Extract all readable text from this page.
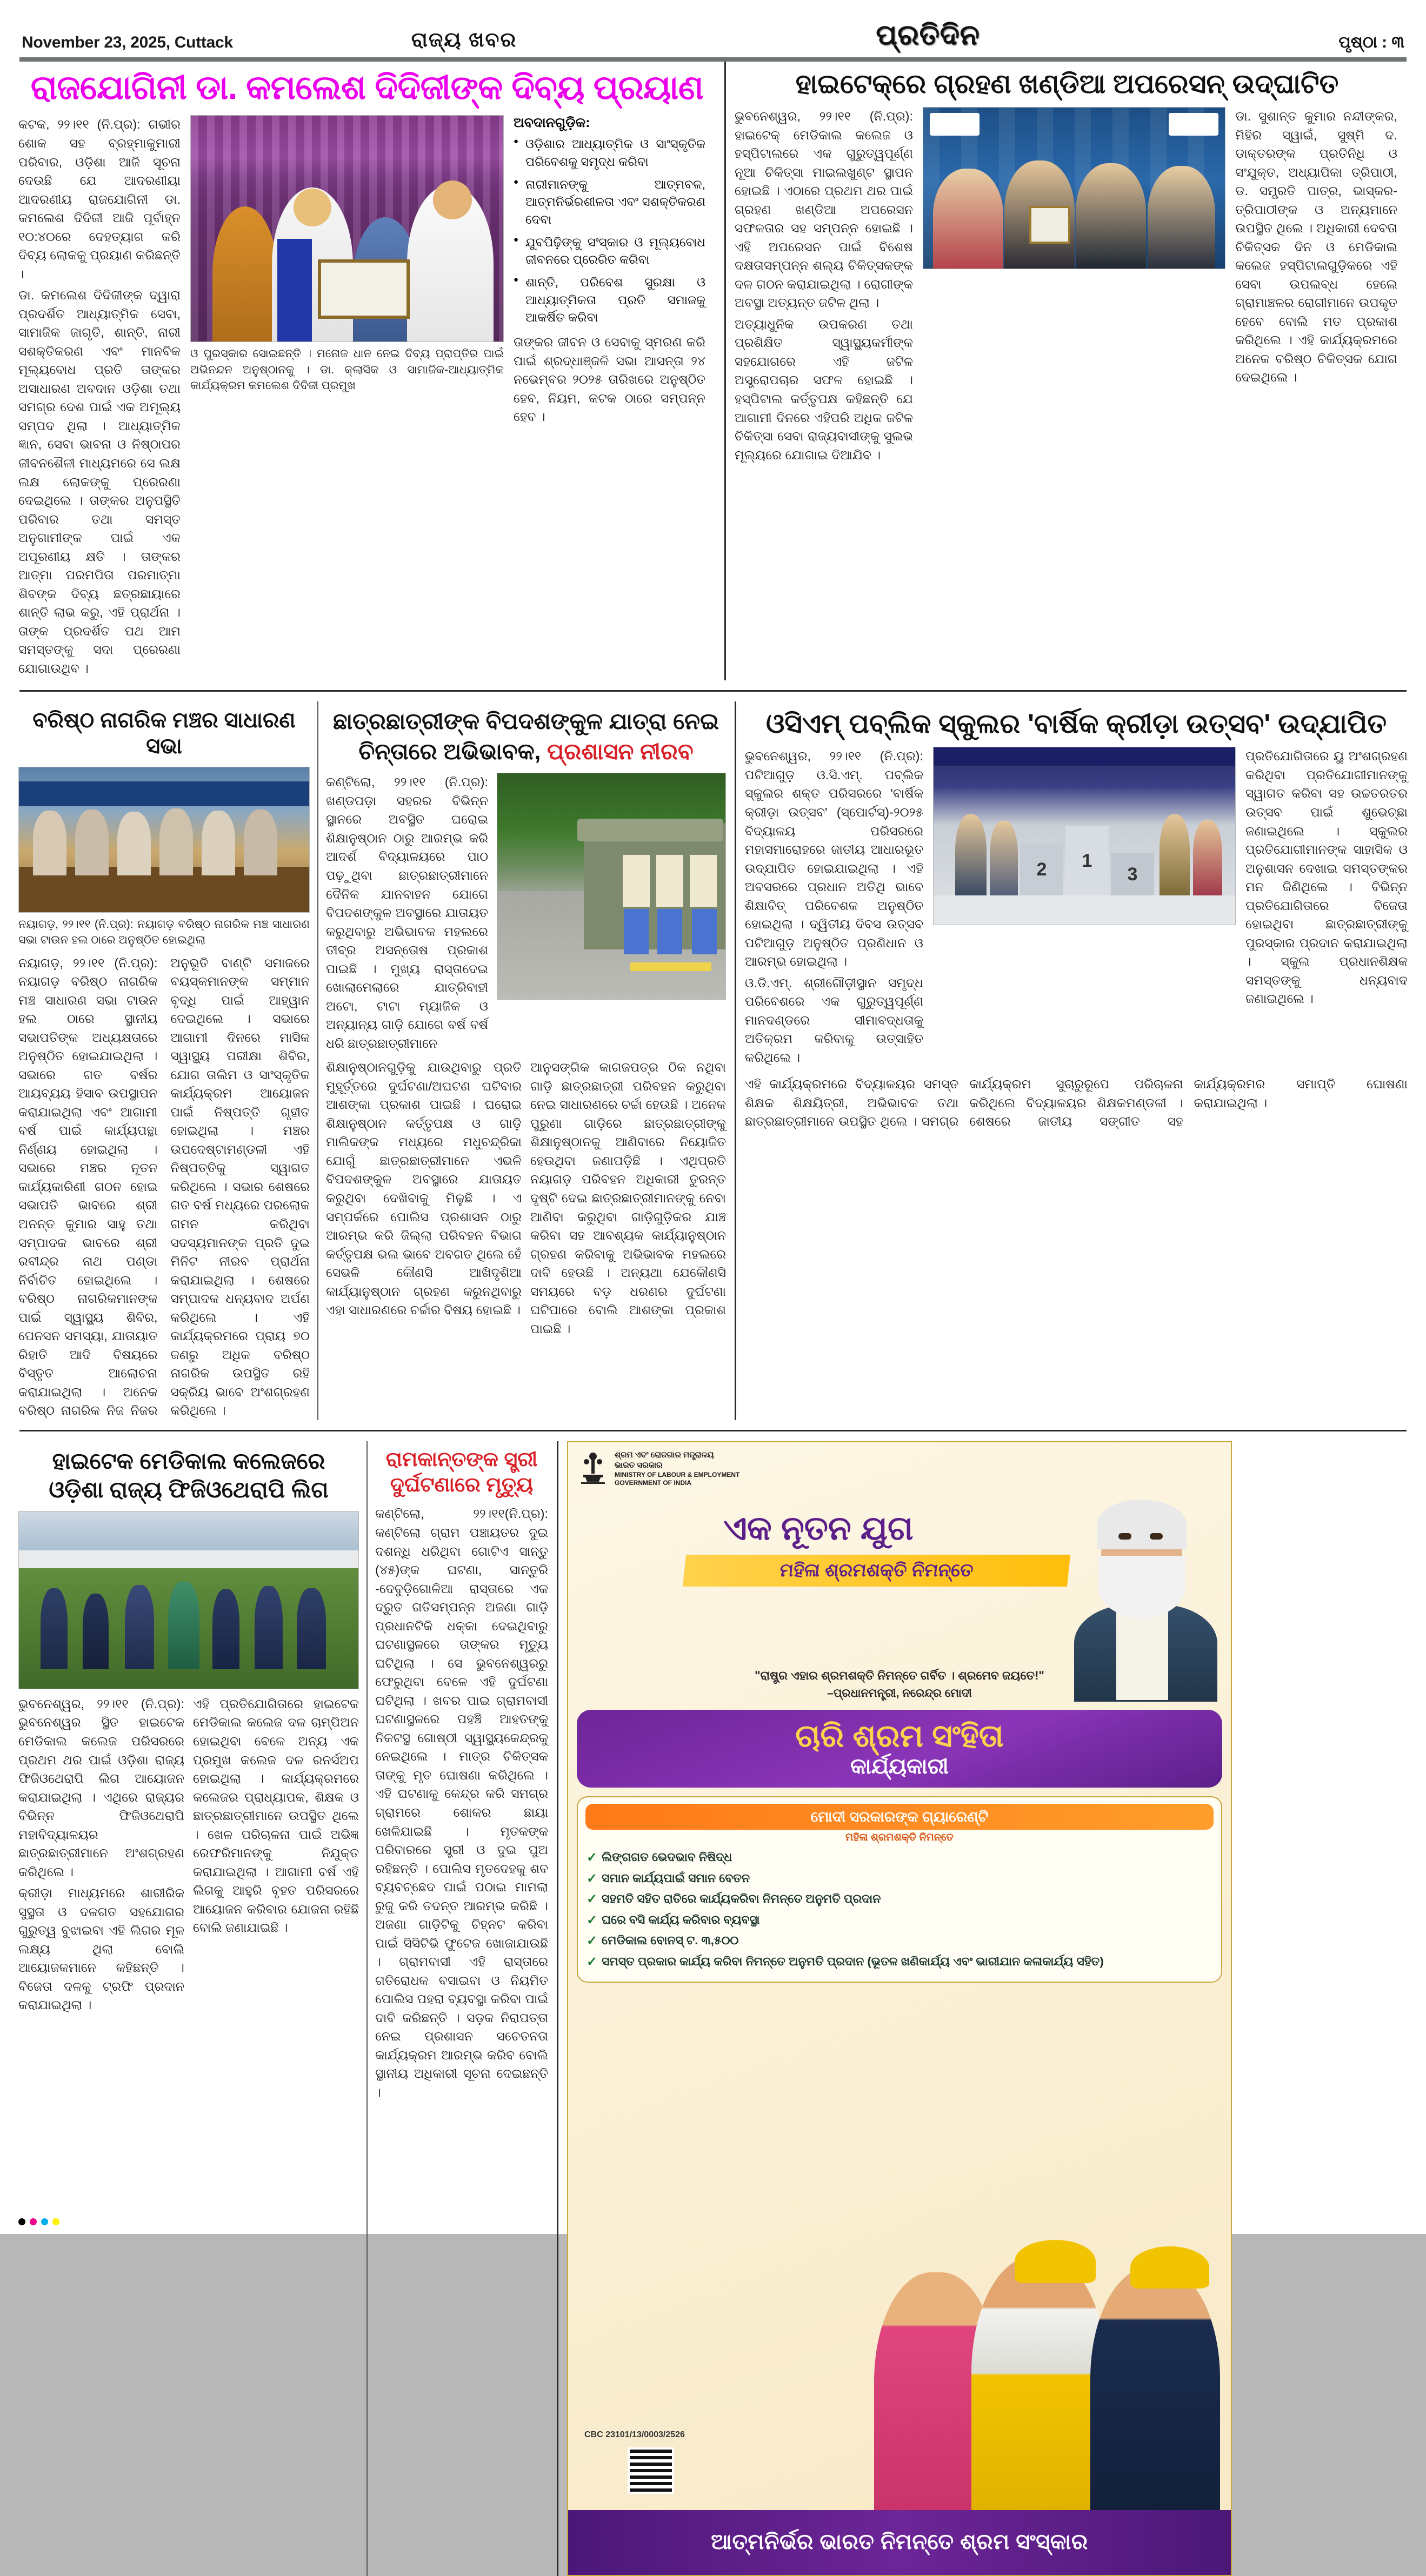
November 23, 2025, Cuttack	ରାଜ୍ୟ ଖବର	ପ୍ରତିଦିନ	ପୃଷ୍ଠା : ୩
ରାଜଯୋଗିନୀ ଡା. କମଲେଶ ଦିଦିଜୀଙ୍କ ଦିବ୍ୟ ପ୍ରୟାଣ

କଟକ, ୨୨।୧୧ (ନି.ପ୍ର): ଗଭୀର ଶୋକ ସହ ବ୍ରହ୍ମାକୁମାରୀ ପରିବାର, ଓଡ଼ିଶା ଆଜି ସୂଚନା ଦେଉଛି ଯେ ଆଦରଣୀୟା ଆଦରଣୀୟ ରାଜଯୋଗିନୀ ଡା. କମଲେଶ ଦିଦିଜୀ ଆଜି ପୂର୍ବାହ୍ନ ୧୦:୪୦ରେ ଦେହତ୍ୟାଗ କରି ଦିବ୍ୟ ଲୋକକୁ ପ୍ରୟାଣ କରିଛନ୍ତି ।

ଡା. କମଲେଶ ଦିଦିଜୀଙ୍କ ଦ୍ୱାରା ପ୍ରଦର୍ଶିତ ଆଧ୍ୟାତ୍ମିକ ସେବା, ସାମାଜିକ ଜାଗୃତି, ଶାନ୍ତି, ନାରୀ ସଶକ୍ତିକରଣ ଏବଂ ମାନବିକ ମୂଲ୍ୟବୋଧ ପ୍ରତି ତାଙ୍କର ଅସାଧାରଣ ଅବଦାନ ଓଡ଼ିଶା ତଥା ସମଗ୍ର ଦେଶ ପାଇଁ ଏକ ଅମୂଲ୍ୟ ସମ୍ପଦ ଥିଲା । ଆଧ୍ୟାତ୍ମିକ ଜ୍ଞାନ, ସେବା ଭାବନା ଓ ନିଷ୍ଠାପର ଜୀବନଶୈଳୀ ମାଧ୍ୟମରେ ସେ ଲକ୍ଷ ଲକ୍ଷ ଲୋକଙ୍କୁ ପ୍ରେରଣା ଦେଇଥିଲେ । ତାଙ୍କର ଅନୁପସ୍ଥିତି ପରିବାର ତଥା ସମସ୍ତ ଅନୁଗାମୀଙ୍କ ପାଇଁ ଏକ ଅପୂରଣୀୟ କ୍ଷତି । ତାଙ୍କର ଆତ୍ମା ପରମପିତା ପରମାତ୍ମା ଶିବଙ୍କ ଦିବ୍ୟ ଛତ୍ରଛାୟାରେ ଶାନ୍ତି ଲାଭ କରୁ, ଏହି ପ୍ରାର୍ଥନା । ତାଙ୍କ ପ୍ରଦର୍ଶିତ ପଥ ଆମ ସମସ୍ତଙ୍କୁ ସଦା ପ୍ରେରଣା ଯୋଗାଉଥିବ ।

ଓ ପୁରସ୍କାର ସୋଇଛନ୍ତି । ମନୋଜ ଧାନ ନେଇ ଦିବ୍ୟ ପ୍ରାପ୍ତିର ପାଇଁ ଅଭିନନ୍ଦନ ଅନୁଷ୍ଠାନକୁ । ଡା. କ୍ଲାସିକ ଓ ସାମାଜିକ-ଆଧ୍ୟାତ୍ମିକ କାର୍ଯ୍ୟକ୍ରମ କମଲେଶ ଦିଦିଜୀ ପ୍ରମୁଖ
ଅବଦାନଗୁଡ଼ିକ:
● ଓଡ଼ିଶାର ଆଧ୍ୟାତ୍ମିକ ଓ ସାଂସ୍କୃତିକ ପରିବେଶକୁ ସମୃଦ୍ଧ କରିବା
● ନାରୀମାନଙ୍କୁ ଆତ୍ମବଳ, ଆତ୍ମନିର୍ଭରଶୀଳତା ଏବଂ ସଶକ୍ତିକରଣ ଦେବା
● ଯୁବପିଢ଼ିଙ୍କୁ ସଂସ୍କାର ଓ ମୂଲ୍ୟବୋଧ ଜୀବନରେ ପ୍ରେରିତ କରିବା
● ଶାନ୍ତି, ପରିବେଶ ସୁରକ୍ଷା ଓ ଆଧ୍ୟାତ୍ମିକତା ପ୍ରତି ସମାଜକୁ ଆକର୍ଷିତ କରିବା
ତାଙ୍କର ଜୀବନ ଓ ସେବାକୁ ସ୍ମରଣ କରି ପାଇଁ ଶ୍ରଦ୍ଧାଞ୍ଜଳି ସଭା ଆସନ୍ତା ୨୪ ନଭେମ୍ବର ୨୦୨୫ ତାରିଖରେ ଅନୁଷ୍ଠିତ ହେବ, ନିୟମ, କଟକ ଠାରେ ସମ୍ପନ୍ନ ହେବ ।
ହାଇଟେକ୍‌ରେ ଗ୍ରହଣ ଖଣ୍ଡିଆ ଅପରେସନ୍ ଉଦ୍‌ଘାଟିତ

ଭୁବନେଶ୍ୱର, ୨୨।୧୧ (ନି.ପ୍ର): ହାଇଟେକ୍ ମେଡିକାଲ କଲେଜ ଓ ହସ୍ପିଟାଲରେ ଏକ ଗୁରୁତ୍ୱପୂର୍ଣ୍ଣ ନୂଆ ଚିକିତ୍ସା ମାଇଲଖୁଣ୍ଟ ସ୍ଥାପନ ହୋଇଛି । ଏଠାରେ ପ୍ରଥମ ଥର ପାଇଁ ଗ୍ରହଣ ଖଣ୍ଡିଆ ଅପରେସନ ସଫଳତାର ସହ ସମ୍ପନ୍ନ ହୋଇଛି । ଏହି ଅପରେସନ ପାଇଁ ବିଶେଷ ଦକ୍ଷତାସମ୍ପନ୍ନ ଶଲ୍ୟ ଚିକିତ୍ସକଙ୍କ ଦଳ ଗଠନ କରାଯାଇଥିଲା । ରୋଗୀଙ୍କ ଅବସ୍ଥା ଅତ୍ୟନ୍ତ ଜଟିଳ ଥିଲା ।

ଅତ୍ୟାଧୁନିକ ଉପକରଣ ତଥା ପ୍ରଶିକ୍ଷିତ ସ୍ୱାସ୍ଥ୍ୟକର୍ମୀଙ୍କ ସହଯୋଗରେ ଏହି ଜଟିଳ ଅସ୍ତ୍ରୋପଚାର ସଫଳ ହୋଇଛି । ହସ୍ପିଟାଲ କର୍ତ୍ତୃପକ୍ଷ କହିଛନ୍ତି ଯେ ଆଗାମୀ ଦିନରେ ଏହିପରି ଅଧିକ ଜଟିଳ ଚିକିତ୍ସା ସେବା ରାଜ୍ୟବାସୀଙ୍କୁ ସୁଲଭ ମୂଲ୍ୟରେ ଯୋଗାଇ ଦିଆଯିବ ।

ଡା. ସୁଶାନ୍ତ କୁମାର ନନ୍ଦୀଙ୍କର, ମିହିର ସ୍ୱାଇଁ, ସୁଷ୍ମି ଦ. ଡାକ୍ତରଙ୍କ ପ୍ରତିନିଧି ଓ ସଂଯୁକ୍ତ, ଅଧ୍ୟାପିକା ତ୍ରିପାଠୀ, ଡ. ସମ୍ପ୍ରତି ପାତ୍ର, ଭାସ୍କର-ତ୍ରିପାଠୀଙ୍କ ଓ ଅନ୍ୟମାନେ ଉପସ୍ଥିତ ଥିଲେ । ଅଧିକାରୀ ଦେବତା ଚିକିତ୍ସକ ଦିନ ଓ ମେଡିକାଲ କଲେଜ ହସ୍ପିଟାଲଗୁଡ଼ିକରେ ଏହି ସେବା ଉପଲବ୍ଧ ହେଲେ ଗ୍ରାମାଞ୍ଚଳର ରୋଗୀମାନେ ଉପକୃତ ହେବେ ବୋଲି ମତ ପ୍ରକାଶ କରିଥିଲେ । ଏହି କାର୍ଯ୍ୟକ୍ରମରେ ଅନେକ ବରିଷ୍ଠ ଚିକିତ୍ସକ ଯୋଗ ଦେଇଥିଲେ ।

ବରିଷ୍ଠ ନାଗରିକ ମଞ୍ଚର ସାଧାରଣ ସଭା
ନୟାଗଡ଼, ୨୨।୧୧ (ନି.ପ୍ର): ନୟାଗଡ଼ ବରିଷ୍ଠ ନାଗରିକ ମଞ୍ଚ ସାଧାରଣ ସଭା ଟାଉନ ହଲ ଠାରେ ଅନୁଷ୍ଠିତ ହୋଇଥିଲା
ନୟାଗଡ଼, ୨୨।୧୧ (ନି.ପ୍ର): ନୟାଗଡ଼ ବରିଷ୍ଠ ନାଗରିକ ମଞ୍ଚ ସାଧାରଣ ସଭା ଟାଉନ ହଲ ଠାରେ ସ୍ଥାନୀୟ ସଭାପତିଙ୍କ ଅଧ୍ୟକ୍ଷତାରେ ଅନୁଷ୍ଠିତ ହୋଇଯାଇଥିଲା । ସଭାରେ ଗତ ବର୍ଷର ଆୟବ୍ୟୟ ହିସାବ ଉପସ୍ଥାପନ କରାଯାଇଥିଲା ଏବଂ ଆଗାମୀ ବର୍ଷ ପାଇଁ କାର୍ଯ୍ୟପନ୍ଥା ନିର୍ଣ୍ଣୟ ହୋଇଥିଲା । ସଭାରେ ମଞ୍ଚର ନୂତନ କାର୍ଯ୍ୟକାରିଣୀ ଗଠନ ହୋଇ ସଭାପତି ଭାବରେ ଶ୍ରୀ ଅନନ୍ତ କୁମାର ସାହୁ ତଥା ସମ୍ପାଦକ ଭାବରେ ଶ୍ରୀ ରବୀନ୍ଦ୍ର ନାଥ ପଣ୍ଡା ନିର୍ବାଚିତ ହୋଇଥିଲେ । ବରିଷ୍ଠ ନାଗରିକମାନଙ୍କ ପାଇଁ ସ୍ୱାସ୍ଥ୍ୟ ଶିବିର, ପେନସନ ସମସ୍ୟା, ଯାତାୟାତ ରିହାତି ଆଦି ବିଷୟରେ ବିସ୍ତୃତ ଆଲୋଚନା କରାଯାଇଥିଲା । ଅନେକ ବରିଷ୍ଠ ନାଗରିକ ନିଜ ନିଜର ଅନୁଭୂତି ବାଣ୍ଟି ସମାଜରେ ବୟସ୍କମାନଙ୍କ ସମ୍ମାନ ବୃଦ୍ଧି ପାଇଁ ଆହ୍ୱାନ ଦେଇଥିଲେ । ସଭାରେ ଆଗାମୀ ଦିନରେ ମାସିକ ସ୍ୱାସ୍ଥ୍ୟ ପରୀକ୍ଷା ଶିବିର, ଯୋଗ ତାଲିମ ଓ ସାଂସ୍କୃତିକ କାର୍ଯ୍ୟକ୍ରମ ଆୟୋଜନ ପାଇଁ ନିଷ୍ପତ୍ତି ଗୃହୀତ ହୋଇଥିଲା । ମଞ୍ଚର ଉପଦେଷ୍ଟାମଣ୍ଡଳୀ ଏହି ନିଷ୍ପତ୍ତିକୁ ସ୍ୱାଗତ କରିଥିଲେ । ସଭାର ଶେଷରେ ଗତ ବର୍ଷ ମଧ୍ୟରେ ପରଲୋକ ଗମନ କରିଥିବା ସଦସ୍ୟମାନଙ୍କ ପ୍ରତି ଦୁଇ ମିନିଟ ନୀରବ ପ୍ରାର୍ଥନା କରାଯାଇଥିଲା । ଶେଷରେ ସମ୍ପାଦକ ଧନ୍ୟବାଦ ଅର୍ପଣ କରିଥିଲେ । ଏହି କାର୍ଯ୍ୟକ୍ରମରେ ପ୍ରାୟ ୭୦ ଜଣରୁ ଅଧିକ ବରିଷ୍ଠ ନାଗରିକ ଉପସ୍ଥିତ ରହି ସକ୍ରିୟ ଭାବେ ଅଂଶଗ୍ରହଣ କରିଥିଲେ ।
ଛାତ୍ରଛାତ୍ରୀଙ୍କ ବିପଦଶଙ୍କୁଳ ଯାତ୍ରା ନେଇ
ଚିନ୍ତାରେ ଅଭିଭାବକ, ପ୍ରଶାସନ ନୀରବ
କଣ୍ଟିଲୋ, ୨୨।୧୧ (ନି.ପ୍ର): ଖଣ୍ଡପଡ଼ା ସହରର ବିଭିନ୍ନ ସ୍ଥାନରେ ଅବସ୍ଥିତ ଘରୋଇ ଶିକ୍ଷାନୁଷ୍ଠାନ ଠାରୁ ଆରମ୍ଭ କରି ଆଦର୍ଶ ବିଦ୍ୟାଳୟରେ ପାଠ ପଢ଼ୁଥିବା ଛାତ୍ରଛାତ୍ରୀମାନେ ଦୈନିକ ଯାନବାହନ ଯୋଗେ ବିପଦଶଙ୍କୁଳ ଅବସ୍ଥାରେ ଯାତାୟତ କରୁଥିବାରୁ ଅଭିଭାବକ ମହଲରେ ତୀବ୍ର ଅସନ୍ତୋଷ ପ୍ରକାଶ ପାଇଛି । ମୁଖ୍ୟ ରାସ୍ତାଦେଇ ଖୋଲାମେଲାରେ ଯାତ୍ରିବାହୀ ଅଟୋ, ଟାଟା ମ୍ୟାଜିକ ଓ ଅନ୍ୟାନ୍ୟ ଗାଡ଼ି ଯୋଗେ ବର୍ଷ ବର୍ଷ ଧରି ଛାତ୍ରଛାତ୍ରୀମାନେ
ଶିକ୍ଷାନୁଷ୍ଠାନଗୁଡ଼ିକୁ ଯାଉଥିବାରୁ ପ୍ରତି ମୁହୂର୍ତ୍ତରେ ଦୁର୍ଘଟଣା/ଅଘଟଣ ଘଟିବାର ଆଶଙ୍କା ପ୍ରକାଶ ପାଇଛି । ଘରୋଇ ଶିକ୍ଷାନୁଷ୍ଠାନ କର୍ତ୍ତୃପକ୍ଷ ଓ ଗାଡ଼ି ମାଲିକଙ୍କ ମଧ୍ୟରେ ମଧୁଚନ୍ଦ୍ରିକା ଯୋଗୁଁ ଛାତ୍ରଛାତ୍ରୀମାନେ ଏଭଳି ବିପଦଶଙ୍କୁଳ ଅବସ୍ଥାରେ ଯାତାୟତ କରୁଥିବା ଦେଖିବାକୁ ମିଳୁଛି । ଏ ସମ୍ପର୍କରେ ପୋଲିସ ପ୍ରଶାସନ ଠାରୁ ଆରମ୍ଭ କରି ଜିଲ୍ଲା ପରିବହନ ବିଭାଗ କର୍ତ୍ତୃପକ୍ଷ ଭଲ ଭାବେ ଅବଗତ ଥିଲେ ହେଁ ସେଭଳି କୌଣସି ଆଖିଦୃଶିଆ କାର୍ଯ୍ୟାନୁଷ୍ଠାନ ଗ୍ରହଣ କରୁନଥିବାରୁ ଏହା ସାଧାରଣରେ ଚର୍ଚ୍ଚାର ବିଷୟ ହୋଇଛି ।
ଆନୁସଙ୍ଗିକ କାଗଜପତ୍ର ଠିକ ନଥିବା ଗାଡ଼ି ଛାତ୍ରଛାତ୍ରୀ ପରିବହନ କରୁଥିବା ନେଇ ସାଧାରଣରେ ଚର୍ଚ୍ଚା ହେଉଛି । ଅନେକ ପୁରୁଣା ଗାଡ଼ିରେ ଛାତ୍ରଛାତ୍ରୀଙ୍କୁ ଶିକ୍ଷାନୁଷ୍ଠାନକୁ ଆଣିବାରେ ନିୟୋଜିତ ହେଉଥିବା ଜଣାପଡ଼ିଛି । ଏଥିପ୍ରତି ନୟାଗଡ଼ ପରିବହନ ଅଧିକାରୀ ତୁରନ୍ତ ଦୃଷ୍ଟି ଦେଇ ଛାତ୍ରଛାତ୍ରୀମାନଙ୍କୁ ନେବା ଆଣିବା କରୁଥିବା ଗାଡ଼ିଗୁଡ଼ିକର ଯାଞ୍ଚ କରିବା ସହ ଆବଶ୍ୟକ କାର୍ଯ୍ୟାନୁଷ୍ଠାନ ଗ୍ରହଣ କରିବାକୁ ଅଭିଭାବକ ମହଲରେ ଦାବି ହେଉଛି । ଅନ୍ୟଥା ଯେକୌଣସି ସମୟରେ ବଡ଼ ଧରଣର ଦୁର୍ଘଟଣା ଘଟିପାରେ ବୋଲି ଆଶଙ୍କା ପ୍ରକାଶ ପାଇଛି ।
ଓସିଏମ୍ ପବ୍ଲିକ ସ୍କୁଲର 'ବାର୍ଷିକ କ୍ରୀଡ଼ା ଉତ୍ସବ' ଉଦ୍‌ଯାପିତ

ଭୁବନେଶ୍ୱର, ୨୨।୧୧ (ନି.ପ୍ର): ପଟିଆଗୁଡ଼ ଓ.ସି.ଏମ୍. ପବ୍ଲିକ ସ୍କୁଲର ଶକ୍ତ ପରିସରରେ 'ବାର୍ଷିକ କ୍ରୀଡ଼ା ଉତ୍ସବ' (ସ୍ପୋର୍ଟସ୍)-୨୦୨୫ ବିଦ୍ୟାଳୟ ପରିସରରେ ମହାସମାରୋହରେ ଜାତୀୟ ଆଧାରଭୂତ ଉଦ୍‌ଯାପିତ ହୋଇଯାଇଥିଲା । ଏହି ଅବସରରେ ପ୍ରଧାନ ଅତିଥି ଭାବେ ଶିକ୍ଷାବିତ୍‌ ପରିବେଶକ ଅନୁଷ୍ଠିତ ହୋଇଥିଲା । ଦ୍ୱିତୀୟ ଦିବସ ଉତ୍ସବ ପଟିଆଗୁଡ଼ ଅନୁଷ୍ଠିତ ପ୍ରଣିଧାନ ଓ ଆରମ୍ଭ ହୋଇଥିଲା ।

ଓ.ଡି.ଏମ୍. ଶ୍ରୀଗୌଡ଼ୀସ୍ଥାନ ସମୃଦ୍ଧ ପରିବେଶରେ ଏକ ଗୁରୁତ୍ୱପୂର୍ଣ୍ଣ ମାନଦଣ୍ଡରେ ସୀମାବଦ୍ଧତାକୁ ଅତିକ୍ରମ କରିବାକୁ ଉତ୍ସାହିତ କରିଥିଲେ ।

2	1
3
ପ୍ରତିଯୋଗିତାରେ ୟୁ ଅଂଶଗ୍ରହଣ କରିଥିବା ପ୍ରତିଯୋଗୀମାନଙ୍କୁ ସ୍ୱାଗତ କରିବା ସହ ଉଚ୍ଚତରତର ଉତ୍ସବ ପାଇଁ ଶୁଭେଚ୍ଛା ଜଣାଇଥିଲେ । ସ୍କୁଲର ପ୍ରତିଯୋଗୀମାନଙ୍କ ସାହାସିକ ଓ ଅନୁଶାସନ ଦେଖାଇ ସମସ୍ତଙ୍କର ମନ ଜିଣିଥିଲେ । ବିଭିନ୍ନ ପ୍ରତିଯୋଗିତାରେ ବିଜେତା ହୋଇଥିବା ଛାତ୍ରଛାତ୍ରୀଙ୍କୁ ପୁରସ୍କାର ପ୍ରଦାନ କରାଯାଇଥିଲା । ସ୍କୁଲ ପ୍ରଧାନଶିକ୍ଷକ ସମସ୍ତଙ୍କୁ ଧନ୍ୟବାଦ ଜଣାଇଥିଲେ ।
ଏହି କାର୍ଯ୍ୟକ୍ରମରେ ବିଦ୍ୟାଳୟର ସମସ୍ତ ଶିକ୍ଷକ ଶିକ୍ଷୟିତ୍ରୀ, ଅଭିଭାବକ ତଥା ଛାତ୍ରଛାତ୍ରୀମାନେ ଉପସ୍ଥିତ ଥିଲେ । ସମଗ୍ର କାର୍ଯ୍ୟକ୍ରମ ସୁଚାରୁରୂପେ ପରିଚାଳନା କରିଥିଲେ ବିଦ୍ୟାଳୟର ଶିକ୍ଷକମଣ୍ଡଳୀ । ଶେଷରେ ଜାତୀୟ ସଙ୍ଗୀତ ସହ କାର୍ଯ୍ୟକ୍ରମର ସମାପ୍ତି ଘୋଷଣା କରାଯାଇଥିଲା ।
ହାଇଟେକ ମେଡିକାଲ କଲେଜରେ
ଓଡ଼ିଶା ରାଜ୍ୟ ଫିଜିଓଥେରାପି ଲିଗ

ଭୁବନେଶ୍ୱର, ୨୨।୧୧ (ନି.ପ୍ର): ଭୁବନେଶ୍ୱର ସ୍ଥିତ ହାଇଟେକ ମେଡିକାଲ କଲେଜ ପରିସରରେ ପ୍ରଥମ ଥର ପାଇଁ ଓଡ଼ିଶା ରାଜ୍ୟ ଫିଜିଓଥେରାପି ଲିଗ ଆୟୋଜନ କରାଯାଇଥିଲା । ଏଥିରେ ରାଜ୍ୟର ବିଭିନ୍ନ ଫିଜିଓଥେରାପି ମହାବିଦ୍ୟାଳୟର ଛାତ୍ରଛାତ୍ରୀମାନେ ଅଂଶଗ୍ରହଣ କରିଥିଲେ ।

କ୍ରୀଡ଼ା ମାଧ୍ୟମରେ ଶାରୀରିକ ସୁସ୍ଥତା ଓ ଦଳଗତ ସହଯୋଗର ଗୁରୁତ୍ୱ ବୁଝାଇବା ଏହି ଲିଗର ମୂଳ ଲକ୍ଷ୍ୟ ଥିଲା ବୋଲି ଆୟୋଜକମାନେ କହିଛନ୍ତି । ବିଜେତା ଦଳକୁ ଟ୍ରଫି ପ୍ରଦାନ କରାଯାଇଥିଲା ।

ଏହି ପ୍ରତିଯୋଗିତାରେ ହାଇଟେକ ମେଡିକାଲ କଲେଜ ଦଳ ଚାମ୍ପିଅନ ହୋଇଥିବା ବେଳେ ଅନ୍ୟ ଏକ ପ୍ରମୁଖ କଲେଜ ଦଳ ରନର୍ସଅପ ହୋଇଥିଲା । କାର୍ଯ୍ୟକ୍ରମରେ କଲେଜର ପ୍ରାଧ୍ୟାପକ, ଶିକ୍ଷକ ଓ ଛାତ୍ରଛାତ୍ରୀମାନେ ଉପସ୍ଥିତ ଥିଲେ । ଖେଳ ପରିଚାଳନା ପାଇଁ ଅଭିଜ୍ଞ ରେଫରିମାନଙ୍କୁ ନିଯୁକ୍ତ କରାଯାଇଥିଲା । ଆଗାମୀ ବର୍ଷ ଏହି ଲିଗକୁ ଆହୁରି ବୃହତ ପରିସରରେ ଆୟୋଜନ କରିବାର ଯୋଜନା ରହିଛି ବୋଲି ଜଣାଯାଇଛି ।
ରାମକାନ୍ତଙ୍କ ସ୍ତ୍ରୀ
ଦୁର୍ଘଟଣାରେ ମୃତ୍ୟୁ
କଣ୍ଟିଲୋ, ୨୨।୧୧(ନି.ପ୍ର): କଣ୍ଟିଲୋ ଗ୍ରାମ ପଞ୍ଚାୟତର ଦୁଇ ଦଶନ୍ଧି ଧରିଥିବା ଗୋଟିଏ ସାନ୍ତୁ (୪୫)ଙ୍କ ଘଟଣା, ସାନ୍ତୁରି -ଦେବୁଡ଼ିଗୋଳିଆ ରାସ୍ତାରେ ଏକ ଦ୍ରୁତ ଗତିସମ୍ପନ୍ନ ଅଜଣା ଗାଡ଼ି ପ୍ରଧାନଟିକି ଧକ୍କା ଦେଇଥିବାରୁ ଘଟଣାସ୍ଥଳରେ ତାଙ୍କର ମୃତ୍ୟୁ ଘଟିଥିଲା । ସେ ଭୁବନେଶ୍ୱରରୁ ଫେରୁଥିବା ବେଳେ ଏହି ଦୁର୍ଘଟଣା ଘଟିଥିଲା । ଖବର ପାଇ ଗ୍ରାମବାସୀ ଘଟଣାସ୍ଥଳରେ ପହଞ୍ଚି ଆହତଙ୍କୁ ନିକଟସ୍ଥ ଗୋଷ୍ଠୀ ସ୍ୱାସ୍ଥ୍ୟକେନ୍ଦ୍ରକୁ ନେଇଥିଲେ । ମାତ୍ର ଚିକିତ୍ସକ ତାଙ୍କୁ ମୃତ ଘୋଷଣା କରିଥିଲେ । ଏହି ଘଟଣାକୁ କେନ୍ଦ୍ର କରି ସମଗ୍ର ଗ୍ରାମରେ ଶୋକର ଛାୟା ଖେଳିଯାଇଛି । ମୃତକଙ୍କ ପରିବାରରେ ସ୍ତ୍ରୀ ଓ ଦୁଇ ପୁଅ ରହିଛନ୍ତି । ପୋଲିସ ମୃତଦେହକୁ ଶବ ବ୍ୟବଚ୍ଛେଦ ପାଇଁ ପଠାଇ ମାମଲା ରୁଜୁ କରି ତଦନ୍ତ ଆରମ୍ଭ କରିଛି । ଅଜଣା ଗାଡ଼ିଟିକୁ ଚିହ୍ନଟ କରିବା ପାଇଁ ସିସିଟିଭି ଫୁଟେଜ ଖୋଜାଯାଉଛି । ଗ୍ରାମବାସୀ ଏହି ରାସ୍ତାରେ ଗତିରୋଧକ ବସାଇବା ଓ ନିୟମିତ ପୋଲିସ ପହରା ବ୍ୟବସ୍ଥା କରିବା ପାଇଁ ଦାବି କରିଛନ୍ତି । ସଡ଼କ ନିରାପତ୍ତା ନେଇ ପ୍ରଶାସନ ସଚେତନତା କାର୍ଯ୍ୟକ୍ରମ ଆରମ୍ଭ କରିବ ବୋଲି ସ୍ଥାନୀୟ ଅଧିକାରୀ ସୂଚନା ଦେଇଛନ୍ତି ।
ଶ୍ରମ ଏବଂ ରୋଜଗାର ମନ୍ତ୍ରାଳୟ
ଭାରତ ସରକାର
MINISTRY OF LABOUR & EMPLOYMENT
GOVERNMENT OF INDIA
ଏକ ନୂତନ ଯୁଗ
ମହିଳା ଶ୍ରମଶକ୍ତି ନିମନ୍ତେ
"ରାଷ୍ଟ୍ର ଏହାର ଶ୍ରମଶକ୍ତି ନିମନ୍ତେ ଗର୍ବିତ । ଶ୍ରମେବ ଜୟତେ!"
–ପ୍ରଧାନମନ୍ତ୍ରୀ, ନରେନ୍ଦ୍ର ମୋଦୀ
ଚାରି ଶ୍ରମ ସଂହିତା
କାର୍ଯ୍ୟକାରୀ
ମୋଦୀ ସରକାରଙ୍କ ଗ୍ୟାରେଣ୍ଟି
ମହିଳା ଶ୍ରମଶକ୍ତି ନିମନ୍ତେ
✓ ଲିଙ୍ଗଗତ ଭେଦଭାବ ନିଷିଦ୍ଧ
✓ ସମାନ କାର୍ଯ୍ୟପାଇଁ ସମାନ ବେତନ
✓ ସହମତି ସହିତ ରାତିରେ କାର୍ଯ୍ୟକରିବା ନିମନ୍ତେ ଅନୁମତି ପ୍ରଦାନ
✓ ଘରେ ବସି କାର୍ଯ୍ୟ କରିବାର ବ୍ୟବସ୍ଥା
✓ ମେଡିକାଲ ବୋନସ୍ ଟ. ୩,୫୦୦
✓ ସମସ୍ତ ପ୍ରକାର କାର୍ଯ୍ୟ କରିବା ନିମନ୍ତେ ଅନୁମତି ପ୍ରଦାନ (ଭୂତଳ ଖଣିକାର୍ଯ୍ୟ ଏବଂ ଭାରୀଯାନ କଳାକାର୍ଯ୍ୟ ସହିତ)
CBC 23101/13/0003/2526
ଆତ୍ମନିର୍ଭର ଭାରତ ନିମନ୍ତେ ଶ୍ରମ ସଂସ୍କାର
